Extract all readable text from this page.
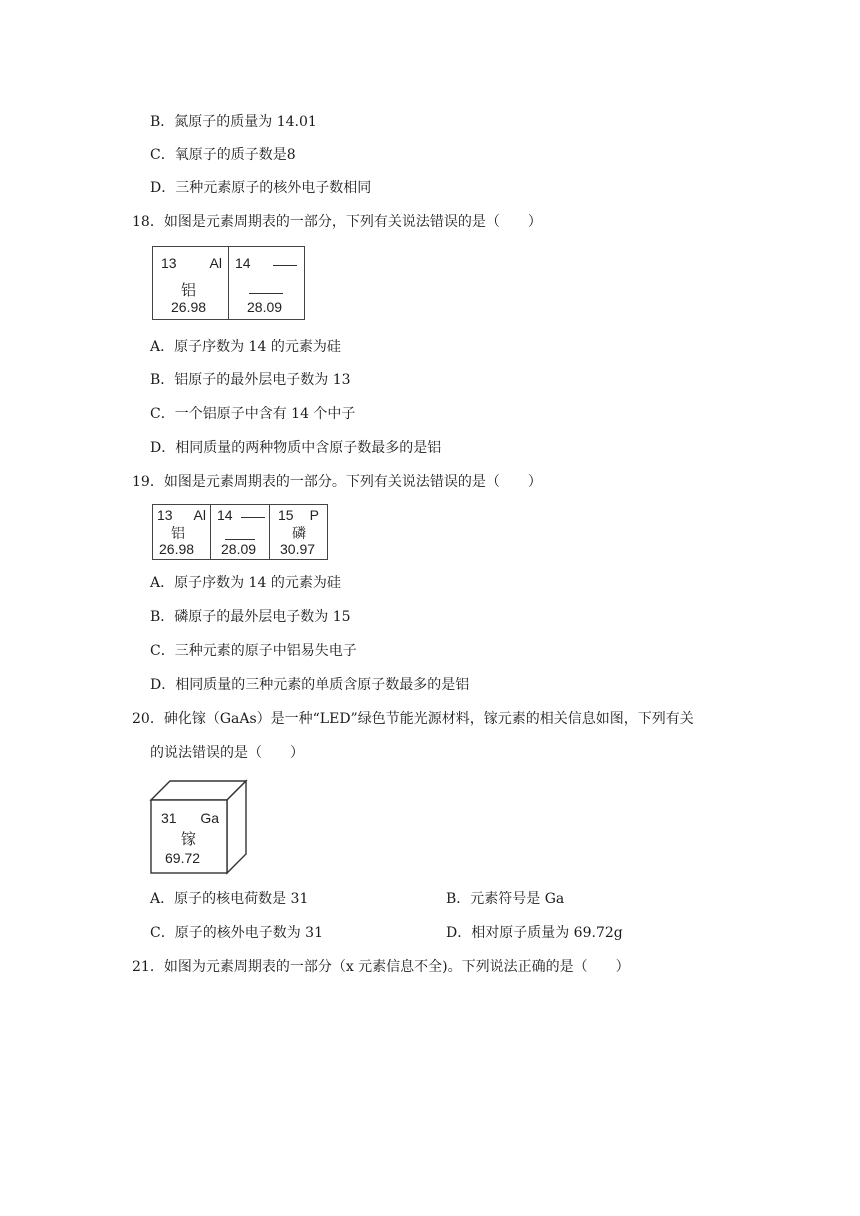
B．氮原子的质量为 14.01
C．氧原子的质子数是8
D．三种元素原子的核外电子数相同
18．如图是元素周期表的一部分，下列有关说法错误的是（　　）
13 Al
铝
26.98
14
28.09
A．原子序数为 14 的元素为硅
B．铝原子的最外层电子数为 13
C．一个铝原子中含有 14 个中子
D．相同质量的两种物质中含原子数最多的是铝
19．如图是元素周期表的一部分。下列有关说法错误的是（　　）
13 Al
铝
26.98
14
28.09
15 P
磷
30.97
A．原子序数为 14 的元素为硅
B．磷原子的最外层电子数为 15
C．三种元素的原子中铝易失电子
D．相同质量的三种元素的单质含原子数最多的是铝
20．砷化镓（GaAs）是一种“LED”绿色节能光源材料，镓元素的相关信息如图，下列有关
的说法错误的是（　　）
31 Ga
镓
69.72
A．原子的核电荷数是 31	B．元素符号是 Ga
C．原子的核外电子数为 31	D．相对原子质量为 69.72g
21．如图为元素周期表的一部分（x 元素信息不全)。下列说法正确的是（　　）
